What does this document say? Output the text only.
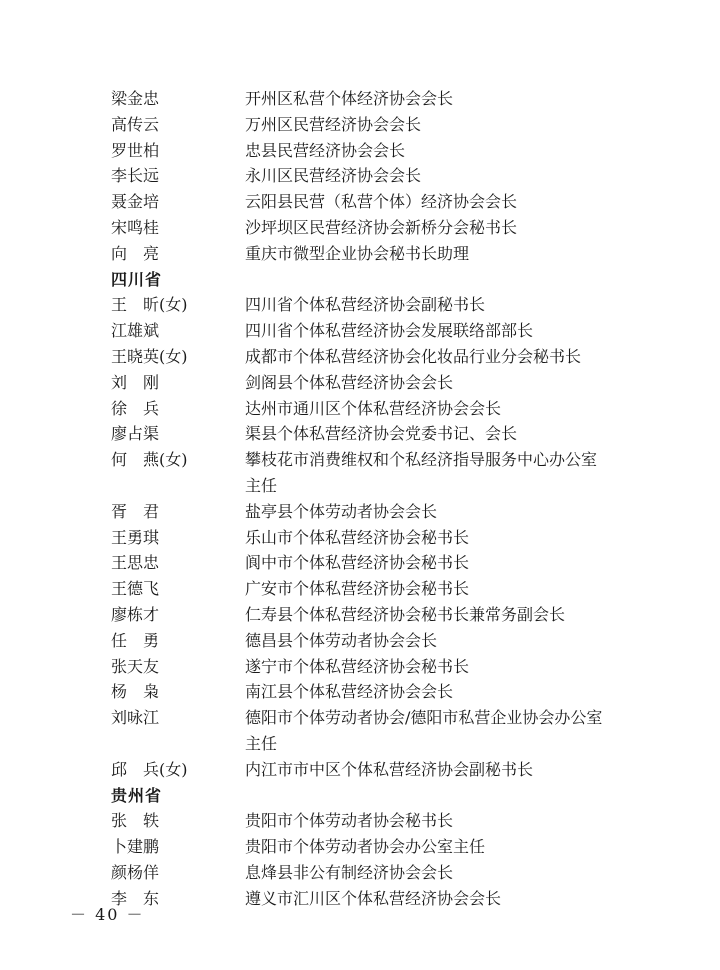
梁金忠	开州区私营个体经济协会会长
高传云	万州区民营经济协会会长
罗世柏	忠县民营经济协会会长
李长远	永川区民营经济协会会长
聂金培	云阳县民营（私营个体）经济协会会长
宋鸣桂	沙坪坝区民营经济协会新桥分会秘书长
向　亮	重庆市微型企业协会秘书长助理
四川省
王　昕(女)	四川省个体私营经济协会副秘书长
江雄斌	四川省个体私营经济协会发展联络部部长
王晓英(女)	成都市个体私营经济协会化妆品行业分会秘书长
刘　刚	剑阁县个体私营经济协会会长
徐　兵	达州市通川区个体私营经济协会会长
廖占渠	渠县个体私营经济协会党委书记、会长
何　燕(女)	攀枝花市消费维权和个私经济指导服务中心办公室主任
胥　君	盐亭县个体劳动者协会会长
王勇琪	乐山市个体私营经济协会秘书长
王思忠	阆中市个体私营经济协会秘书长
王德飞	广安市个体私营经济协会秘书长
廖栋才	仁寿县个体私营经济协会秘书长兼常务副会长
任　勇	德昌县个体劳动者协会会长
张天友	遂宁市个体私营经济协会秘书长
杨　枭	南江县个体私营经济协会会长
刘咏江	德阳市个体劳动者协会/德阳市私营企业协会办公室主任
邱　兵(女)	内江市市中区个体私营经济协会副秘书长
贵州省
张　轶	贵阳市个体劳动者协会秘书长
卜建鹏	贵阳市个体劳动者协会办公室主任
颜杨佯	息烽县非公有制经济协会会长
李　东	遵义市汇川区个体私营经济协会会长
－ 40 －
